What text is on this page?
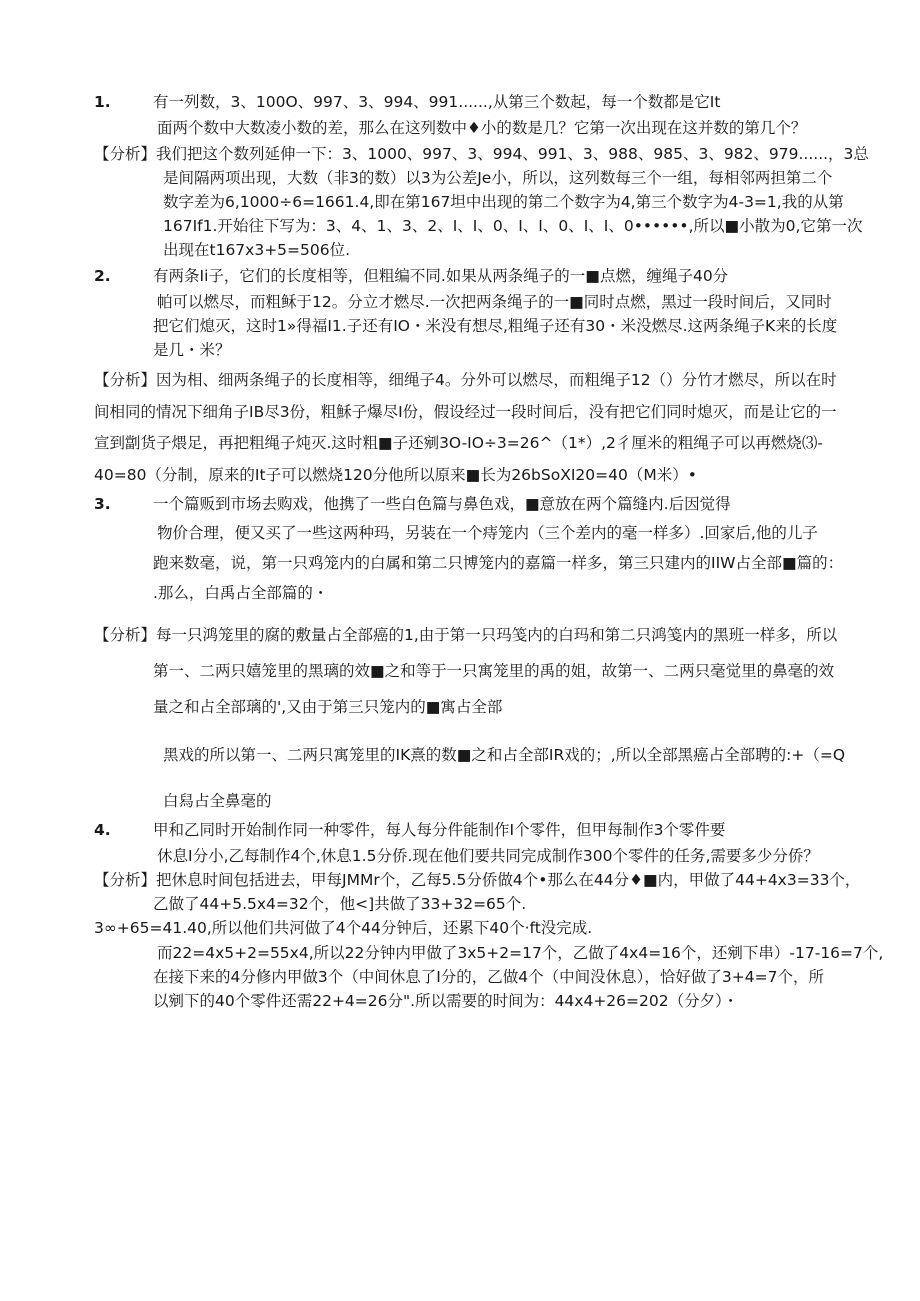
1.	有一列数，3、100O、997、3、994、991......,从第三个数起，每一个数都是它It
面两个数中大数凌小数的差，那么在这列数中♦小的数是几？它第一次出现在这并数的第几个？
【分析】我们把这个数列延伸一下：3、1000、997、3、994、991、3、988、985、3、982、979......，3总
是间隔两项出现，大数（非3的数）以3为公差Je小，所以，这列数每三个一组，每相邻两担第二个
数字差为6,1000÷6=1661.4,即在第167坦中出现的第二个数字为4,第三个数字为4-3=1,我的从第
167If1.开始往下写为：3、4、1、3、2、I、I、0、I、I、0、I、I、0••••••,所以■小散为0,它第一次
出现在t167x3+5=506位.
2.	有两条Ii子，它们的长度相等，但粗编不同.如果从两条绳子的一■点燃，缠绳子40分
帕可以燃尽，而粗稣于12。分立才燃尽.一次把两条绳子的一■同时点燃，黑过一段时间后，又同时
把它们熄灭，这时1»得福I1.子还有IO・米没有想尽,粗绳子还有30・米没燃尽.这两条绳子K来的长度
是几・米？
【分析】因为相、细两条绳子的长度相等，细绳子4。分外可以燃尽，而粗绳子12（）分竹才燃尽，所以在时
间相同的情况下细角子IB尽3份，粗穌子爆尽I份，假设经过一段时间后，没有把它们同时熄灭，而是让它的一
宣到劏货子煨足，再把粗绳子炖灭.这时粗■子还剜3O-IO÷3=26^（1*）,2彳厘米的粗绳子可以再燃烧⑶-
40=80（分制，原来的It子可以燃烧120分他所以原来■长为26bSoXI20=40（M米）•
3.	一个篇贩到市场去购戏，他携了一些白色篇与鼻色戏，■意放在两个篇缝内.后因觉得
物价合理，便又买了一些这两种玛，另装在一个痔笼内（三个差内的毫一样多）.回家后,他的儿子
跑来数毫，说，第一只鸡笼内的白属和第二只博笼内的嘉篇一样多，第三只建内的IIW占全部■篇的：
.那么，白禹占全部篇的・
【分析】每一只鸿笼里的腐的敷量占全部癌的1,由于第一只玛笺内的白玛和第二只鸿笺内的黑班一样多，所以
第一、二两只嬉笼里的黑璃的效■之和等于一只寓笼里的禹的姐，故第一、二两只毫觉里的鼻毫的效
量之和占全部璃的',又由于第三只笼内的■寓占全部
黑戏的所以第一、二两只寓笼里的IK熹的数■之和占全部IR戏的；,所以全部黑癌占全部聘的:+（=Q
白舄占全鼻毫的
4.	甲和乙同时开始制作同一种零件，每人每分件能制作I个零件，但甲每制作3个零件要
休息I分小,乙每制作4个,休息1.5分侨.现在他们要共同完成制作300个零件的任务,需要多少分侨？
【分析】把休息时间包括进去，甲每JMMr个，乙每5.5分侨做4个•那么在44分♦■内，甲做了44+4x3=33个，
乙做了44+5.5x4=32个，他<]共做了33+32=65个.
3∞+65=41.40,所以他们共河做了4个44分钟后，还累下40个·ft没完成.
而22=4x5+2=55x4,所以22分钟内甲做了3x5+2=17个，乙做了4x4=16个，还剜下串）-17-16=7个,
在接下来的4分修内甲做3个（中间休息了I分的，乙做4个（中间没休息），恰好做了3+4=7个，所
以剜下的40个零件还需22+4=26分".所以需要的时间为：44x4+26=202（分夕）・
